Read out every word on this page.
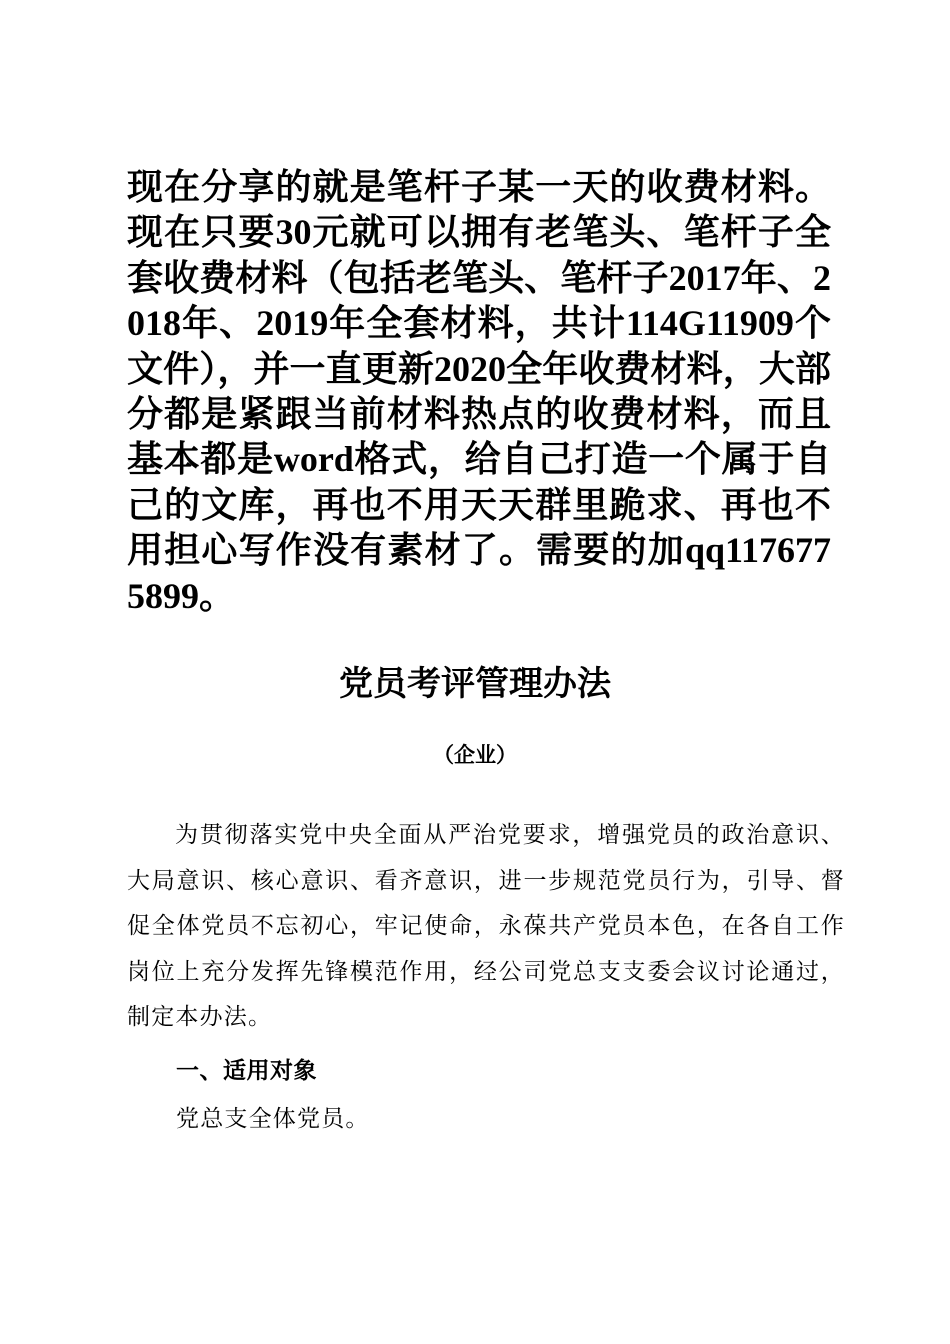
现在分享的就是笔杆子某一天的收费材料。现在只要30元就可以拥有老笔头、笔杆子全套收费材料（包括老笔头、笔杆子2017年、2018年、2019年全套材料，共计114G11909个文件），并一直更新2020全年收费材料，大部分都是紧跟当前材料热点的收费材料，而且基本都是word格式，给自己打造一个属于自己的文库，再也不用天天群里跪求、再也不用担心写作没有素材了。需要的加qq1176775899。
党员考评管理办法
（企业）
为贯彻落实党中央全面从严治党要求，增强党员的政治意识、大局意识、核心意识、看齐意识，进一步规范党员行为，引导、督促全体党员不忘初心，牢记使命，永葆共产党员本色，在各自工作岗位上充分发挥先锋模范作用，经公司党总支支委会议讨论通过，制定本办法。
一、适用对象
党总支全体党员。
